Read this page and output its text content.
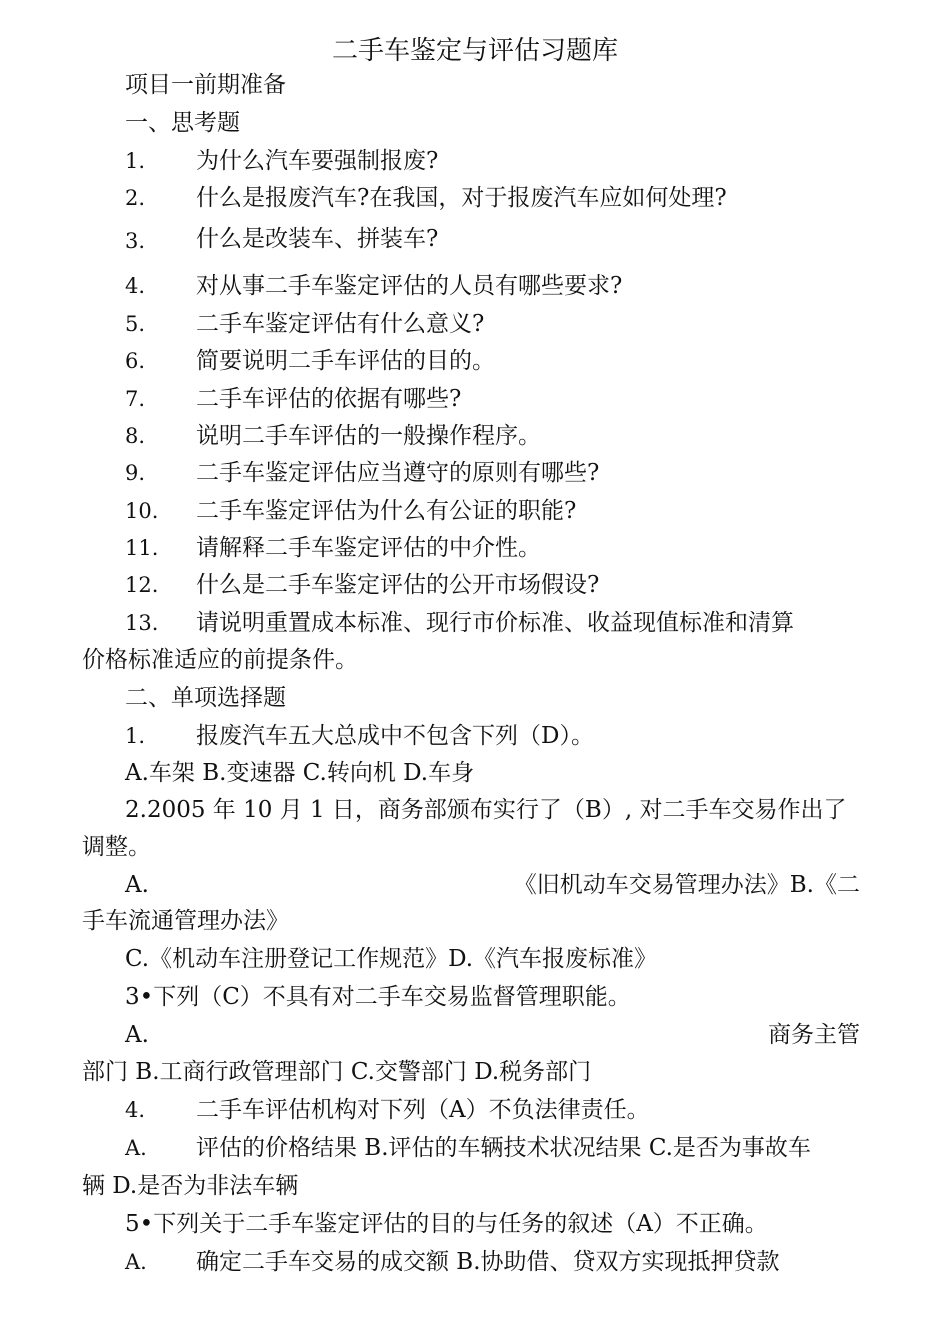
二手车鉴定与评估习题库
项目一前期准备
一、思考题
1. 为什么汽车要强制报废?
2. 什么是报废汽车?在我国，对于报废汽车应如何处理?
3. 什么是改装车、拼装车?
4. 对从事二手车鉴定评估的人员有哪些要求?
5. 二手车鉴定评估有什么意义?
6. 简要说明二手车评估的目的。
7. 二手车评估的依据有哪些?
8. 说明二手车评估的一般操作程序。
9. 二手车鉴定评估应当遵守的原则有哪些?
10. 二手车鉴定评估为什么有公证的职能?
11. 请解释二手车鉴定评估的中介性。
12. 什么是二手车鉴定评估的公开市场假设?
13. 请说明重置成本标准、现行市价标准、收益现值标准和清算
价格标准适应的前提条件。
二、单项选择题
1. 报废汽车五大总成中不包含下列（D）。
A.车架 B.变速器 C.转向机 D.车身
2.2005 年 10 月 1 日，商务部颁布实行了（B）, 对二手车交易作出了
调整。
A.	《旧机动车交易管理办法》B.《二
手车流通管理办法》
C.《机动车注册登记工作规范》D.《汽车报废标准》
3•下列（C）不具有对二手车交易监督管理职能。
A.	商务主管
部门 B.工商行政管理部门 C.交警部门 D.税务部门
4. 二手车评估机构对下列（A）不负法律责任。
A. 评估的价格结果 B.评估的车辆技术状况结果 C.是否为事故车
辆 D.是否为非法车辆
5•下列关于二手车鉴定评估的目的与任务的叙述（A）不正确。
A. 确定二手车交易的成交额 B.协助借、贷双方实现抵押贷款
